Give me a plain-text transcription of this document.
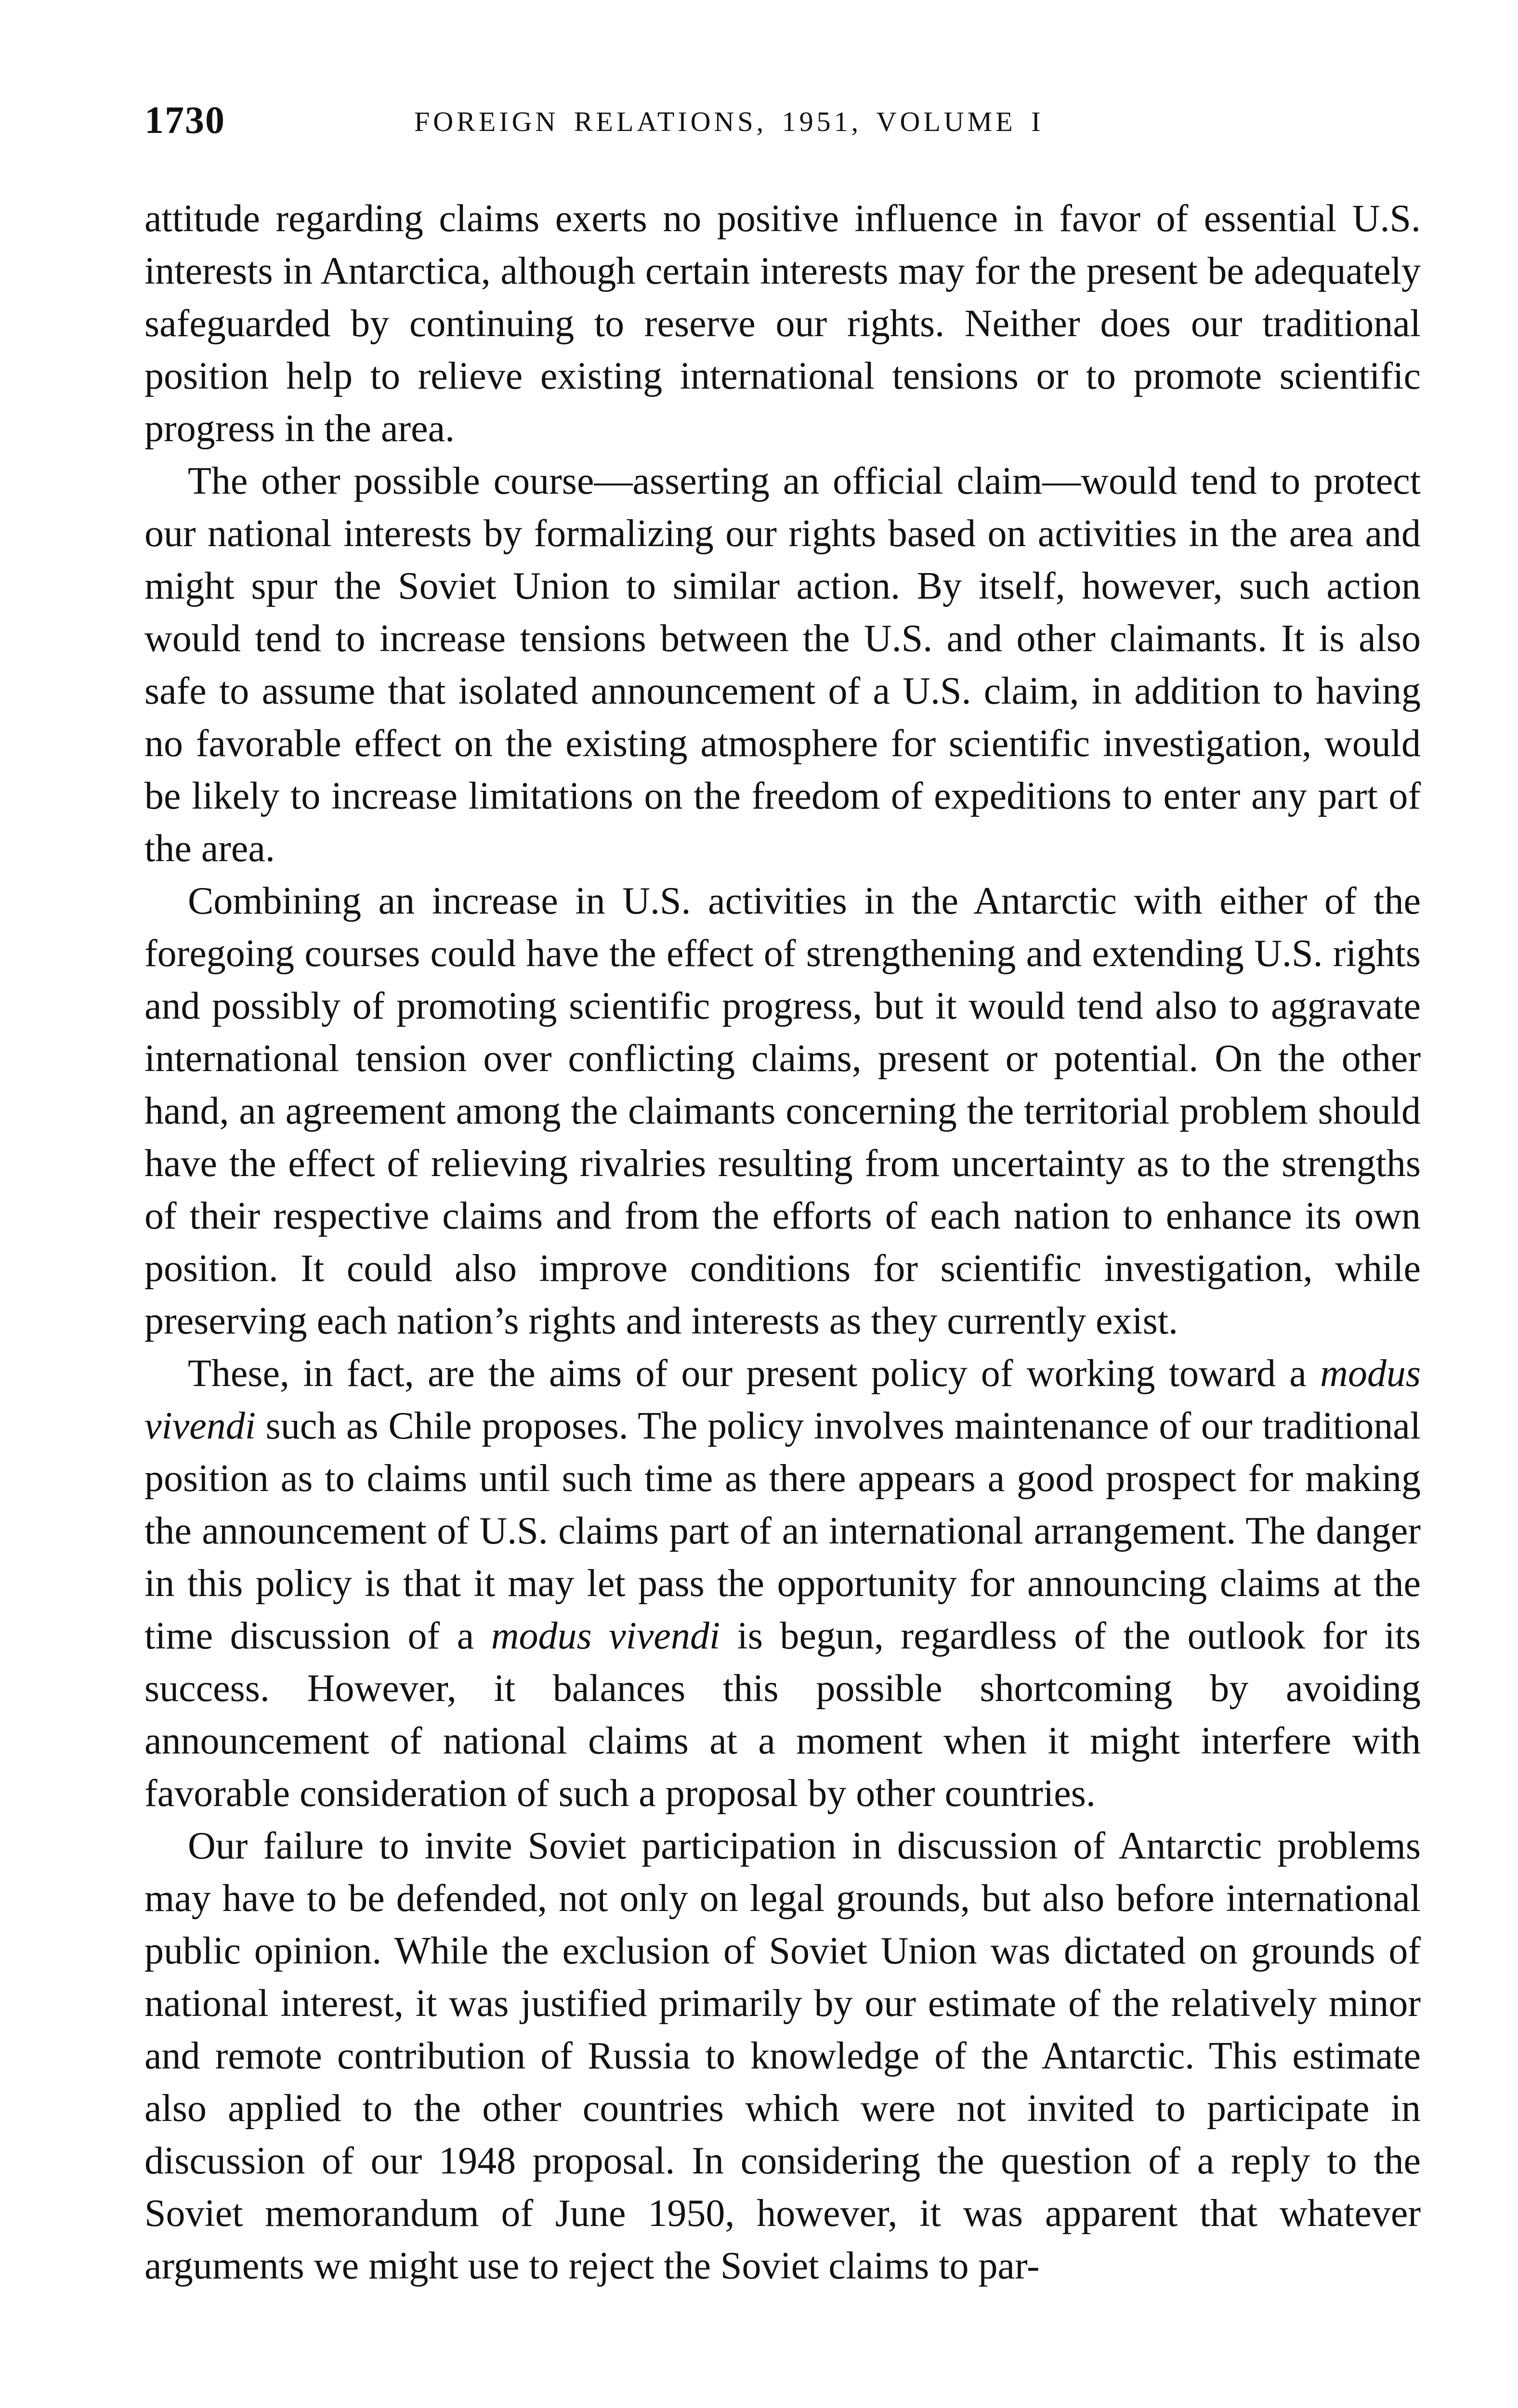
1730	FOREIGN RELATIONS, 1951, VOLUME I

attitude regarding claims exerts no positive influence in favor of essential U.S. interests in Antarctica, although certain interests may for the present be adequately safeguarded by continuing to reserve our rights. Neither does our traditional position help to relieve existing international tensions or to promote scientific progress in the area.

The other possible course—asserting an official claim—would tend to protect our national interests by formalizing our rights based on activities in the area and might spur the Soviet Union to similar action. By itself, however, such action would tend to increase tensions between the U.S. and other claimants. It is also safe to assume that isolated announcement of a U.S. claim, in addition to having no favorable effect on the existing atmosphere for scientific investigation, would be likely to increase limitations on the freedom of expeditions to enter any part of the area.

Combining an increase in U.S. activities in the Antarctic with either of the foregoing courses could have the effect of strengthening and extending U.S. rights and possibly of promoting scientific progress, but it would tend also to aggravate international tension over conflicting claims, present or potential. On the other hand, an agreement among the claimants concerning the territorial problem should have the effect of relieving rivalries resulting from uncertainty as to the strengths of their respective claims and from the efforts of each nation to enhance its own position. It could also improve conditions for scientific investigation, while preserving each nation’s rights and interests as they currently exist.

These, in fact, are the aims of our present policy of working toward a modus vivendi such as Chile proposes. The policy involves maintenance of our traditional position as to claims until such time as there appears a good prospect for making the announcement of U.S. claims part of an international arrangement. The danger in this policy is that it may let pass the opportunity for announcing claims at the time discussion of a modus vivendi is begun, regardless of the outlook for its success. However, it balances this possible shortcoming by avoiding announcement of national claims at a moment when it might interfere with favorable consideration of such a proposal by other countries.

Our failure to invite Soviet participation in discussion of Antarctic problems may have to be defended, not only on legal grounds, but also before international public opinion. While the exclusion of Soviet Union was dictated on grounds of national interest, it was justified primarily by our estimate of the relatively minor and remote contribution of Russia to knowledge of the Antarctic. This estimate also applied to the other countries which were not invited to participate in discussion of our 1948 proposal. In considering the question of a reply to the Soviet memorandum of June 1950, however, it was apparent that whatever arguments we might use to reject the Soviet claims to par-
